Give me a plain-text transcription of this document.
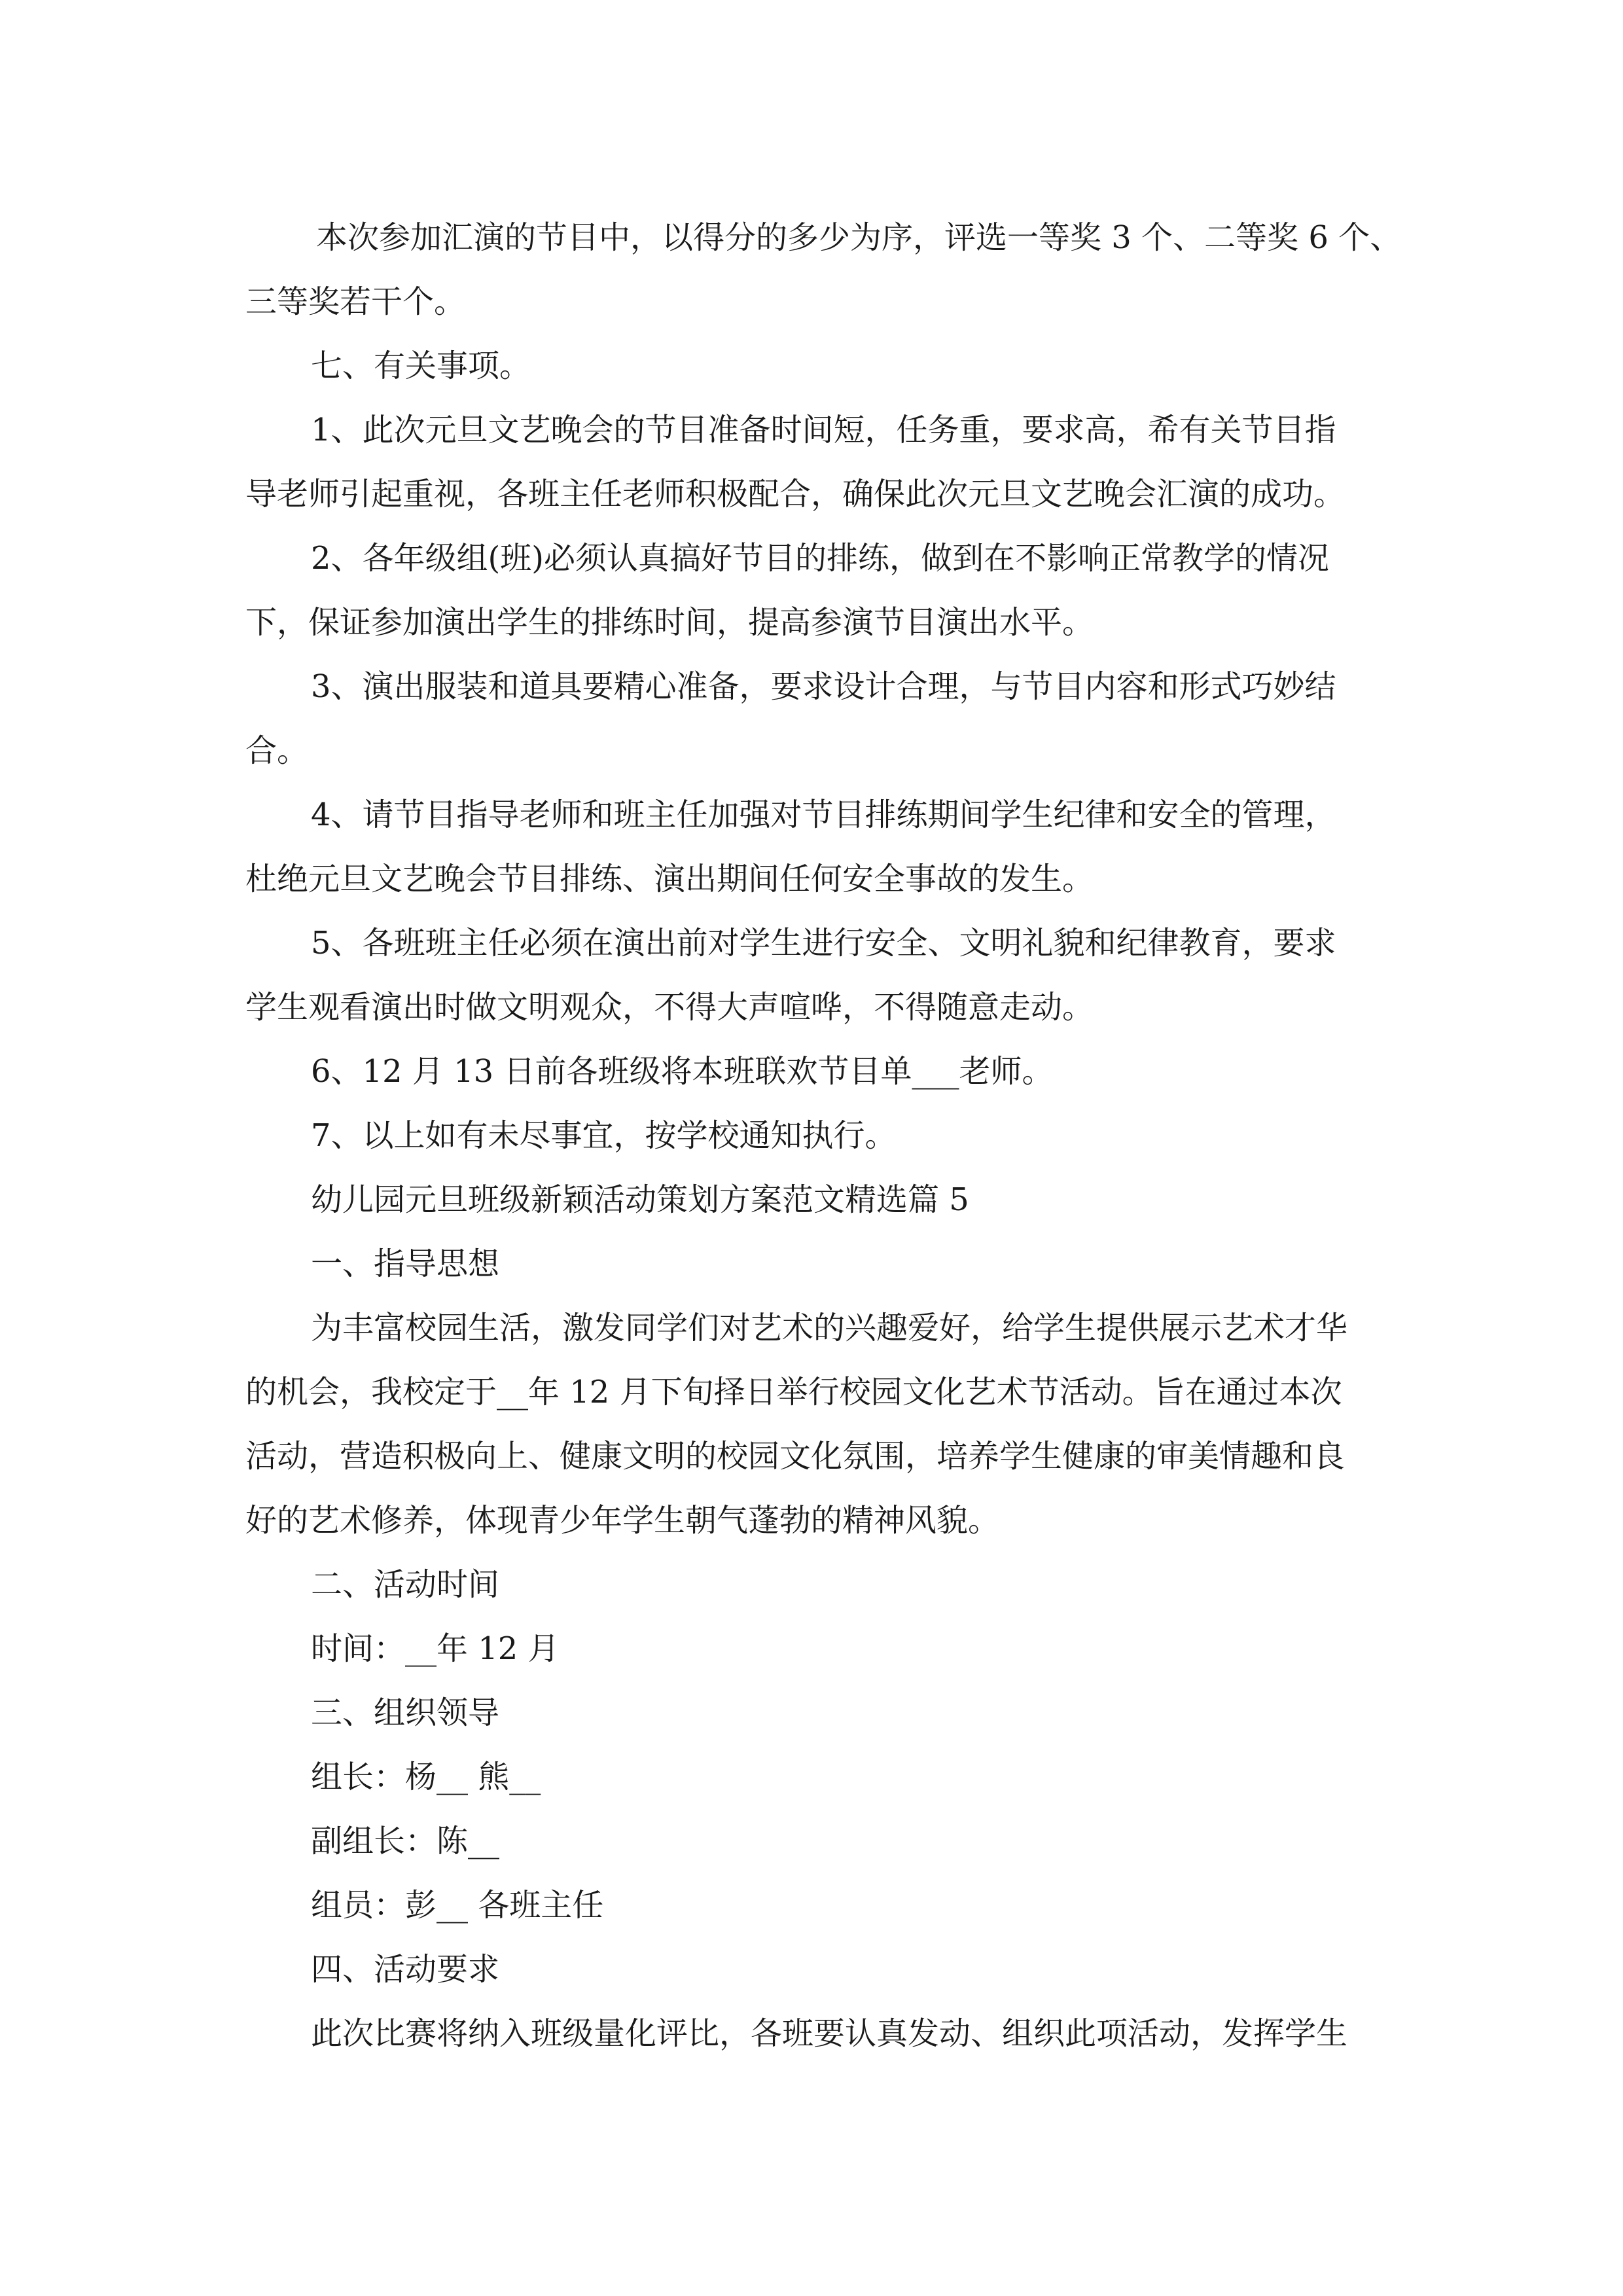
本次参加汇演的节目中，以得分的多少为序，评选一等奖 3 个、二等奖 6 个、

三等奖若干个。

七、有关事项。

1、此次元旦文艺晚会的节目准备时间短，任务重，要求高，希有关节目指

导老师引起重视，各班主任老师积极配合，确保此次元旦文艺晚会汇演的成功。

2、各年级组(班)必须认真搞好节目的排练，做到在不影响正常教学的情况

下，保证参加演出学生的排练时间，提高参演节目演出水平。

3、演出服装和道具要精心准备，要求设计合理，与节目内容和形式巧妙结

合。

4、请节目指导老师和班主任加强对节目排练期间学生纪律和安全的管理，

杜绝元旦文艺晚会节目排练、演出期间任何安全事故的发生。

5、各班班主任必须在演出前对学生进行安全、文明礼貌和纪律教育，要求

学生观看演出时做文明观众，不得大声喧哗，不得随意走动。

6、12 月 13 日前各班级将本班联欢节目单___老师。

7、以上如有未尽事宜，按学校通知执行。

幼儿园元旦班级新颖活动策划方案范文精选篇 5

一、指导思想

为丰富校园生活，激发同学们对艺术的兴趣爱好，给学生提供展示艺术才华

的机会，我校定于__年 12 月下旬择日举行校园文化艺术节活动。旨在通过本次

活动，营造积极向上、健康文明的校园文化氛围，培养学生健康的审美情趣和良

好的艺术修养，体现青少年学生朝气蓬勃的精神风貌。

二、活动时间

时间：__年 12 月

三、组织领导

组长：杨__ 熊__

副组长：陈__

组员：彭__ 各班主任

四、活动要求

此次比赛将纳入班级量化评比，各班要认真发动、组织此项活动，发挥学生
